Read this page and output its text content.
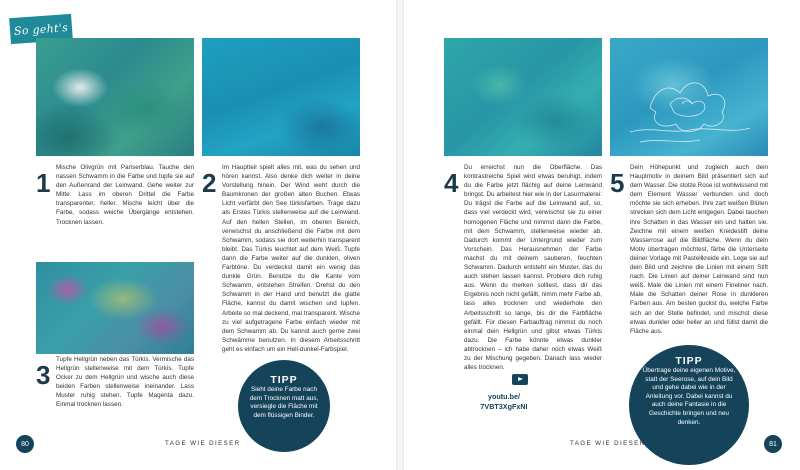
So geht's
1
Mische Olivgrün mit Pariserblau. Tauche den nassen Schwamm in die Farbe und tupfe sie auf den Außenrand der Leinwand. Gehe weiter zur Mitte. Lass im oberen Drittel die Farbe transparenter, heller. Mische leicht über die Farbe, sodass weiche Übergänge entstehen. Trocknen lassen.
2
Im Hauptteil spielt alles mit, was du sehen und hören kannst. Also denke dich weiter in deine Vorstellung hinein. Der Wind weht durch die Baumkronen der großen alten Buchen. Etwas Licht verfärbt den See türkisfarben. Trage dazu als Erstes Türkis stellenweise auf die Leinwand. Auf den hellen Stellen, im oberen Bereich, verwischst du anschließend die Farbe mit dem Schwamm, sodass sie dort weiterhin transparent bleibt. Das Türkis leuchtet auf dem Weiß. Tupfe dann die Farbe weiter auf die dunklen, oliven Farbtöne. Du verdeckst damit ein wenig das dunkle Grün. Benutze du die Kante vom Schwamm, entstehen Streifen. Drehst du den Schwamm in der Hand und benutzt die glatte Fläche, kannst du damit wischen und tupfen. Arbeite so mal deckend, mal transparent. Wische zu viel aufgetragene Farbe einfach wieder mit dem Schwamm ab. Du kannst auch gerne zwei Schwämme benutzen. In diesem Arbeitsschritt geht es einfach um ein Hell-dunkel-Farbspiel.
3
Tupfe Hellgrün neben das Türkis. Vermische das Hellgrün stellenweise mit dem Türkis. Tupfe Ocker zu dem Hellgrün und wische auch diese beiden Farben stellenweise ineinander. Lass Muster ruhig stehen. Tupfe Magenta dazu. Einmal trocknen lassen.
4
Du erreichst nun die Oberfläche. Das kontrastreiche Spiel wird etwas beruhigt, indem du die Farbe jetzt flächig auf deine Leinwand bringst. Du arbeitest hier wie in der Lasurmalerei: Du trägst die Farbe auf die Leinwand auf, so, dass viel verdeckt wird, verwischst sie zu einer homogenen Fläche und nimmst dann die Farbe, mit dem Schwamm, stellenweise wieder ab. Dadurch kommt der Untergrund wieder zum Vorschein. Das Herausnehmen der Farbe machst du mit deinem sauberen, feuchten Schwamm. Dadurch entsteht ein Muster, das du auch stehen lassen kannst. Probiere dich ruhig aus. Wenn du merken solltest, dass dir das Ergebnis noch nicht gefällt, nimm mehr Farbe ab, lass alles trocknen und wiederhole den Arbeitsschritt so lange, bis dir die Farbfläche gefällt. Für diesen Farbauftrag nimmst du noch einmal dein Hellgrün und gibst etwas Türkis dazu. Die Farbe könnte etwas dunkler abtrocknen – ich habe daher noch etwas Weiß zu der Mischung gegeben. Danach lass wieder alles trocknen.
5
Dein Höhepunkt und zugleich auch dein Hauptmotiv in deinem Bild präsentiert sich auf dem Wasser. Die stolze Rose ist wohlwissend mit dem Element Wasser verbunden und doch möchte sie sich erheben. Ihre zart weißen Blüten strecken sich dem Licht entgegen. Dabei tauchen ihre Schatten in das Wasser ein und halten sie. Zeichne mit einem weißen Kreidestift deine Wasserrose auf die Bildfläche. Wenn du dein Motiv übertragen möchtest, färbe die Unterseite deiner Vorlage mit Pastellkreide ein. Lege sie auf dein Bild und zeichne die Linien mit einem Stift nach. Die Linien auf deiner Leinwand sind nun weiß. Male die Linien mit einem Fineliner nach. Male die Schatten deiner Rose in dunkleren Farben aus. Am besten guckst du, welche Farbe sich an der Stelle befindet, und mischst diese etwas dunkler oder heller an und füllst damit die Fläche aus.
TIPP
Sieht deine Farbe nach dem Trocknen matt aus, versiegle die Fläche mit dem flüssigen Binder.
TIPP
Übertrage deine eigenen Motive, statt der Seerose, auf dein Bild und gehe dabei wie in der Anleitung vor. Dabei kannst du auch deine Fantasie in die Geschichte bringen und neu denken.
youtu.be/
7VBT3XgFxNI
80	TAGE WIE DIESER	TAGE WIE DIESER	81
